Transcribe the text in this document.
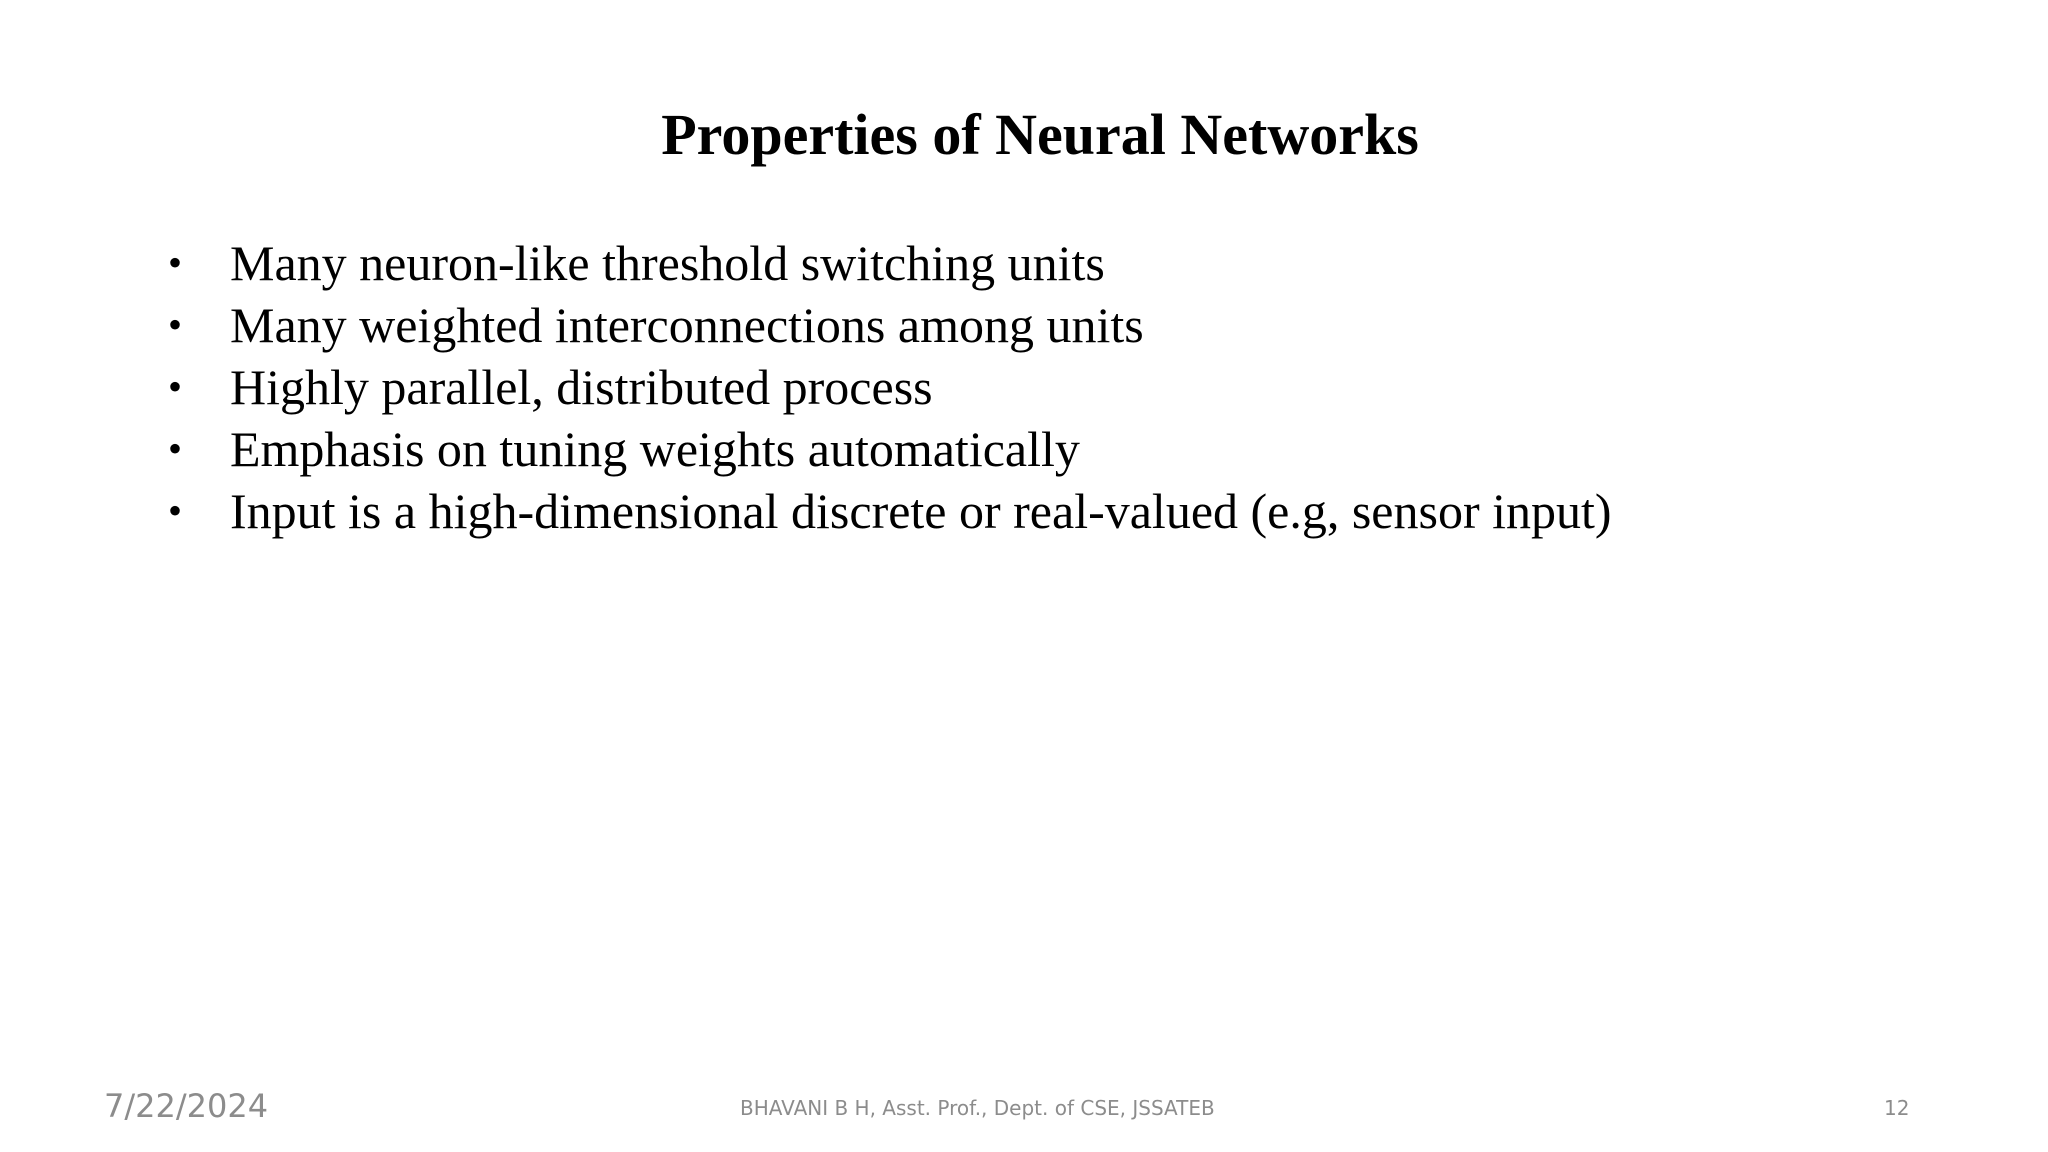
Properties of Neural Networks
• Many neuron-like threshold switching units
• Many weighted interconnections among units
• Highly parallel, distributed process
• Emphasis on tuning weights automatically
• Input is a high-dimensional discrete or real-valued (e.g, sensor input)
7/22/2024	BHAVANI B H, Asst. Prof., Dept. of CSE, JSSATEB	12
